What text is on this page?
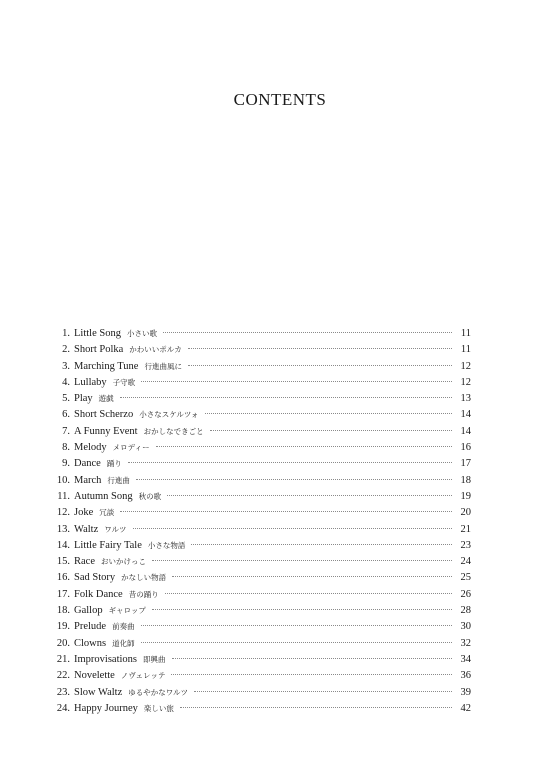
CONTENTS
1. Little Song 小さい歌	11
2. Short Polka かわいいポルカ	11
3. Marching Tune 行進曲風に	12
4. Lullaby 子守歌	12
5. Play 遊戯	13
6. Short Scherzo 小さなスケルツォ	14
7. A Funny Event おかしなできごと	14
8. Melody メロディー	16
9. Dance 踊り	17
10. March 行進曲	18
11. Autumn Song 秋の歌	19
12. Joke 冗談	20
13. Waltz ワルツ	21
14. Little Fairy Tale 小さな物語	23
15. Race おいかけっこ	24
16. Sad Story かなしい物語	25
17. Folk Dance 昔の踊り	26
18. Gallop ギャロップ	28
19. Prelude 前奏曲	30
20. Clowns 道化師	32
21. Improvisations 即興曲	34
22. Novelette ノヴェレッテ	36
23. Slow Waltz ゆるやかなワルツ	39
24. Happy Journey 楽しい旅	42
